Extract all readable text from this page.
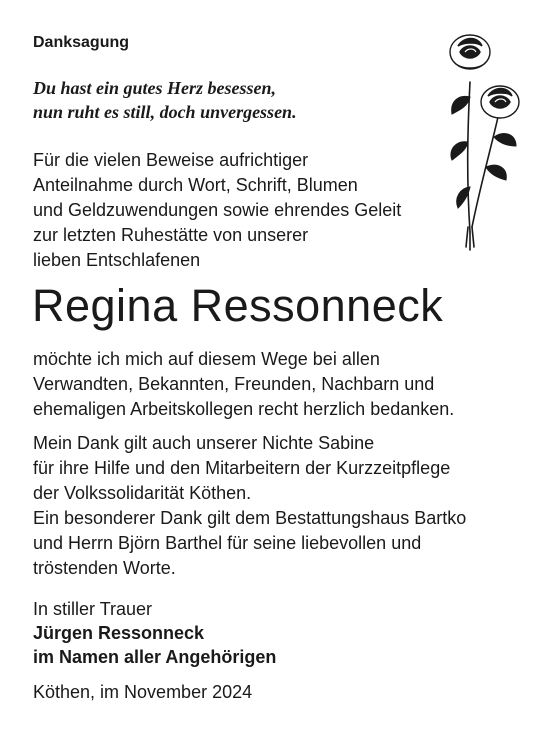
Danksagung
Du hast ein gutes Herz besessen,
nun ruht es still, doch unvergessen.
Für die vielen Beweise aufrichtiger
Anteilnahme durch Wort, Schrift, Blumen
und Geldzuwendungen sowie ehrendes Geleit
zur letzten Ruhestätte von unserer
lieben Entschlafenen
Regina Ressonneck
möchte ich mich auf diesem Wege bei allen
Verwandten, Bekannten, Freunden, Nachbarn und
ehemaligen Arbeitskollegen recht herzlich bedanken.
Mein Dank gilt auch unserer Nichte Sabine
für ihre Hilfe und den Mitarbeitern der Kurzzeitpflege
der Volkssolidarität Köthen.
Ein besonderer Dank gilt dem Bestattungshaus Bartko
und Herrn Björn Barthel für seine liebevollen und
tröstenden Worte.
In stiller Trauer
Jürgen Ressonneck
im Namen aller Angehörigen
Köthen, im November 2024
